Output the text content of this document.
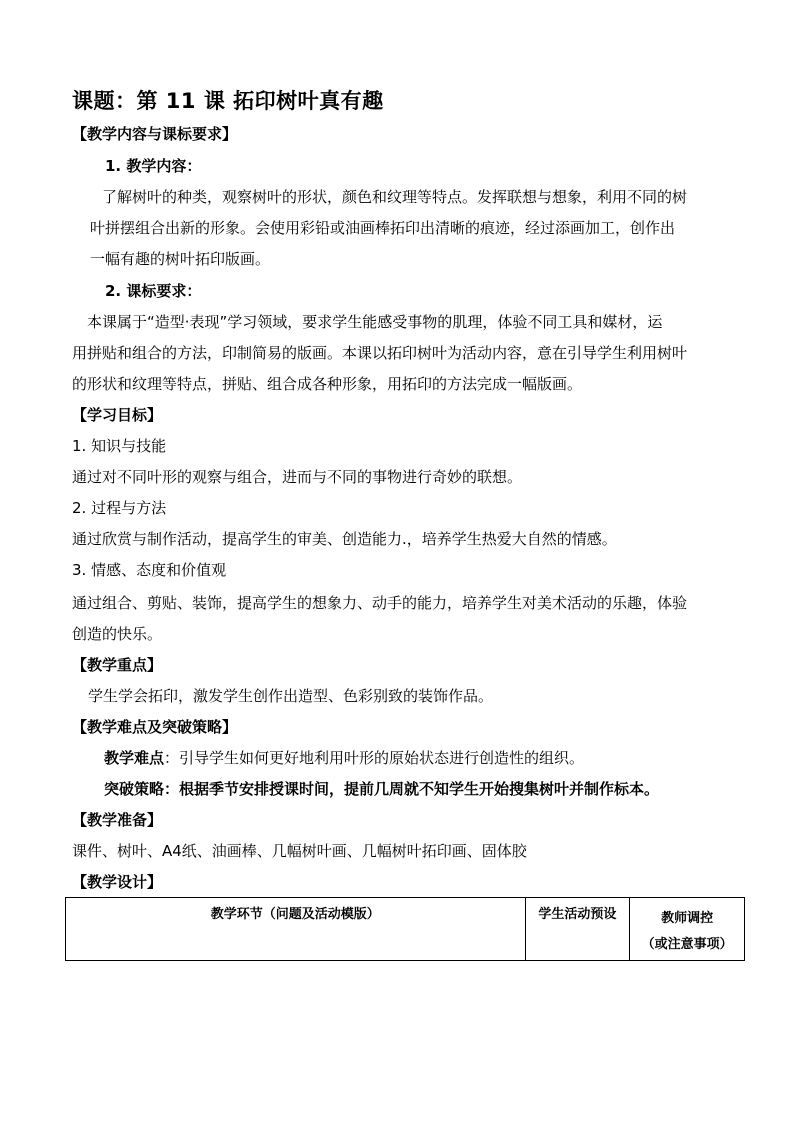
课题：第 11 课 拓印树叶真有趣
【教学内容与课标要求】
1. 教学内容：
了解树叶的种类，观察树叶的形状，颜色和纹理等特点。发挥联想与想象，利用不同的树
叶拼摆组合出新的形象。会使用彩铅或油画棒拓印出清晰的痕迹，经过添画加工，创作出
一幅有趣的树叶拓印版画。
2. 课标要求：
本课属于“造型·表现”学习领域，要求学生能感受事物的肌理，体验不同工具和媒材，运
用拼贴和组合的方法，印制简易的版画。本课以拓印树叶为活动内容，意在引导学生利用树叶
的形状和纹理等特点，拼贴、组合成各种形象，用拓印的方法完成一幅版画。
【学习目标】
1. 知识与技能
通过对不同叶形的观察与组合，进而与不同的事物进行奇妙的联想。
2. 过程与方法
通过欣赏与制作活动，提高学生的审美、创造能力.，培养学生热爱大自然的情感。
3. 情感、态度和价值观
通过组合、剪贴、装饰，提高学生的想象力、动手的能力，培养学生对美术活动的乐趣，体验
创造的快乐。
【教学重点】
学生学会拓印，激发学生创作出造型、色彩别致的装饰作品。
【教学难点及突破策略】
教学难点：引导学生如何更好地利用叶形的原始状态进行创造性的组织。
突破策略：根据季节安排授课时间，提前几周就不知学生开始搜集树叶并制作标本。
【教学准备】
课件、树叶、A4纸、油画棒、几幅树叶画、几幅树叶拓印画、固体胶
【教学设计】
教学环节（问题及活动模版）	学生活动预设	教师调控
（或注意事项）
